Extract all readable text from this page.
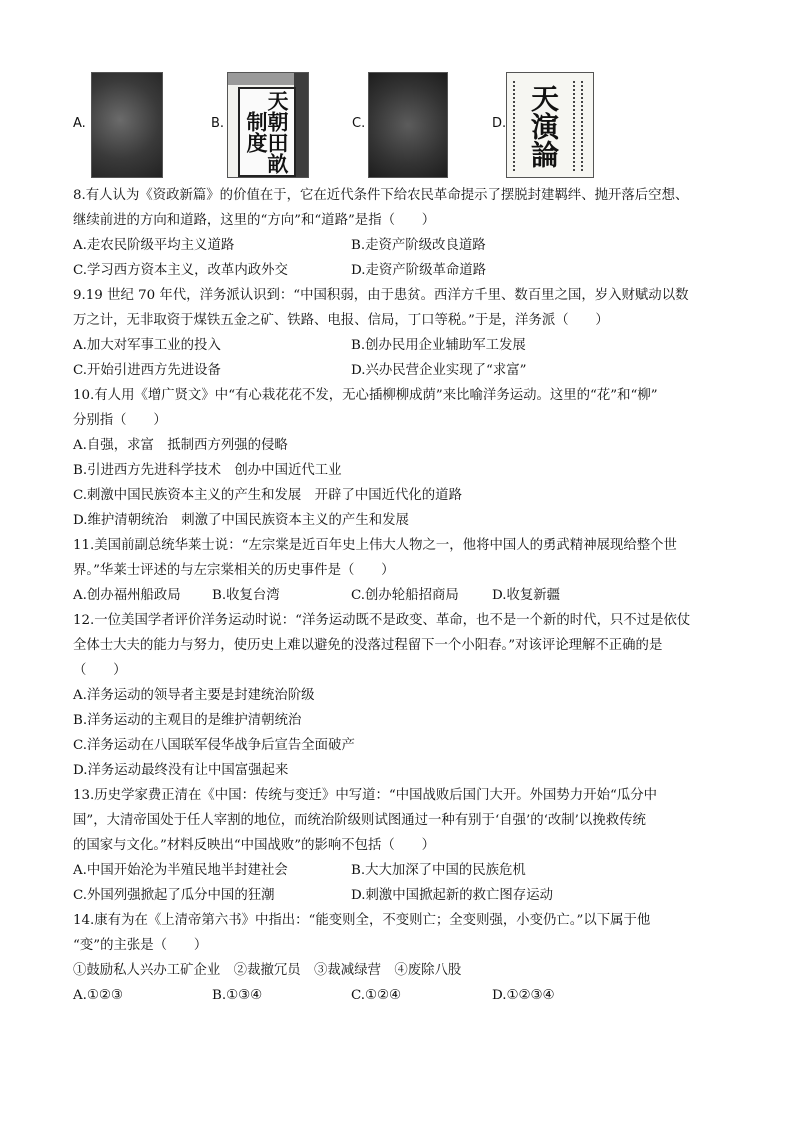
A.	B.	天朝田畝制度	C.	D. 天演論
8.有人认为《资政新篇》的价值在于，它在近代条件下给农民革命提示了摆脱封建羁绊、抛开落后空想、
继续前进的方向和道路，这里的“方向”和“道路”是指（　　）
A.走农民阶级平均主义道路	B.走资产阶级改良道路
C.学习西方资本主义，改革内政外交	D.走资产阶级革命道路
9.19 世纪 70 年代，洋务派认识到：“中国积弱，由于患贫。西洋方千里、数百里之国，岁入财赋动以数
万之计，无非取资于煤铁五金之矿、铁路、电报、信局，丁口等税。”于是，洋务派（　　）
A.加大对军事工业的投入	B.创办民用企业辅助军工发展
C.开始引进西方先进设备	D.兴办民营企业实现了“求富”
10.有人用《增广贤文》中“有心栽花花不发，无心插柳柳成荫”来比喻洋务运动。这里的“花”和“柳”
分别指（　　）
A.自强，求富　抵制西方列强的侵略
B.引进西方先进科学技术　创办中国近代工业
C.刺激中国民族资本主义的产生和发展　开辟了中国近代化的道路
D.维护清朝统治　刺激了中国民族资本主义的产生和发展
11.美国前副总统华莱士说：“左宗棠是近百年史上伟大人物之一，他将中国人的勇武精神展现给整个世
界。”华莱士评述的与左宗棠相关的历史事件是（　　）
A.创办福州船政局 B.收复台湾	C.创办轮船招商局 D.收复新疆
12.一位美国学者评价洋务运动时说：“洋务运动既不是政变、革命，也不是一个新的时代，只不过是依仗
全体士大夫的能力与努力，使历史上难以避免的没落过程留下一个小阳春。”对该评论理解不正确的是
（　　）
A.洋务运动的领导者主要是封建统治阶级
B.洋务运动的主观目的是维护清朝统治
C.洋务运动在八国联军侵华战争后宣告全面破产
D.洋务运动最终没有让中国富强起来
13.历史学家费正清在《中国：传统与变迁》中写道：“中国战败后国门大开。外国势力开始“瓜分中
国”，大清帝国处于任人宰割的地位，而统治阶级则试图通过一种有别于‘自强’的‘改制’以挽救传统
的国家与文化。”材料反映出“中国战败”的影响不包括（　　）
A.中国开始沦为半殖民地半封建社会	B.大大加深了中国的民族危机
C.外国列强掀起了瓜分中国的狂潮	D.刺激中国掀起新的救亡图存运动
14.康有为在《上清帝第六书》中指出：“能变则全，不变则亡；全变则强，小变仍亡。”以下属于他
“变”的主张是（　　）
①鼓励私人兴办工矿企业　②裁撤冗员　③裁减绿营　④废除八股
A.①②③	B.①③④	C.①②④	D.①②③④
